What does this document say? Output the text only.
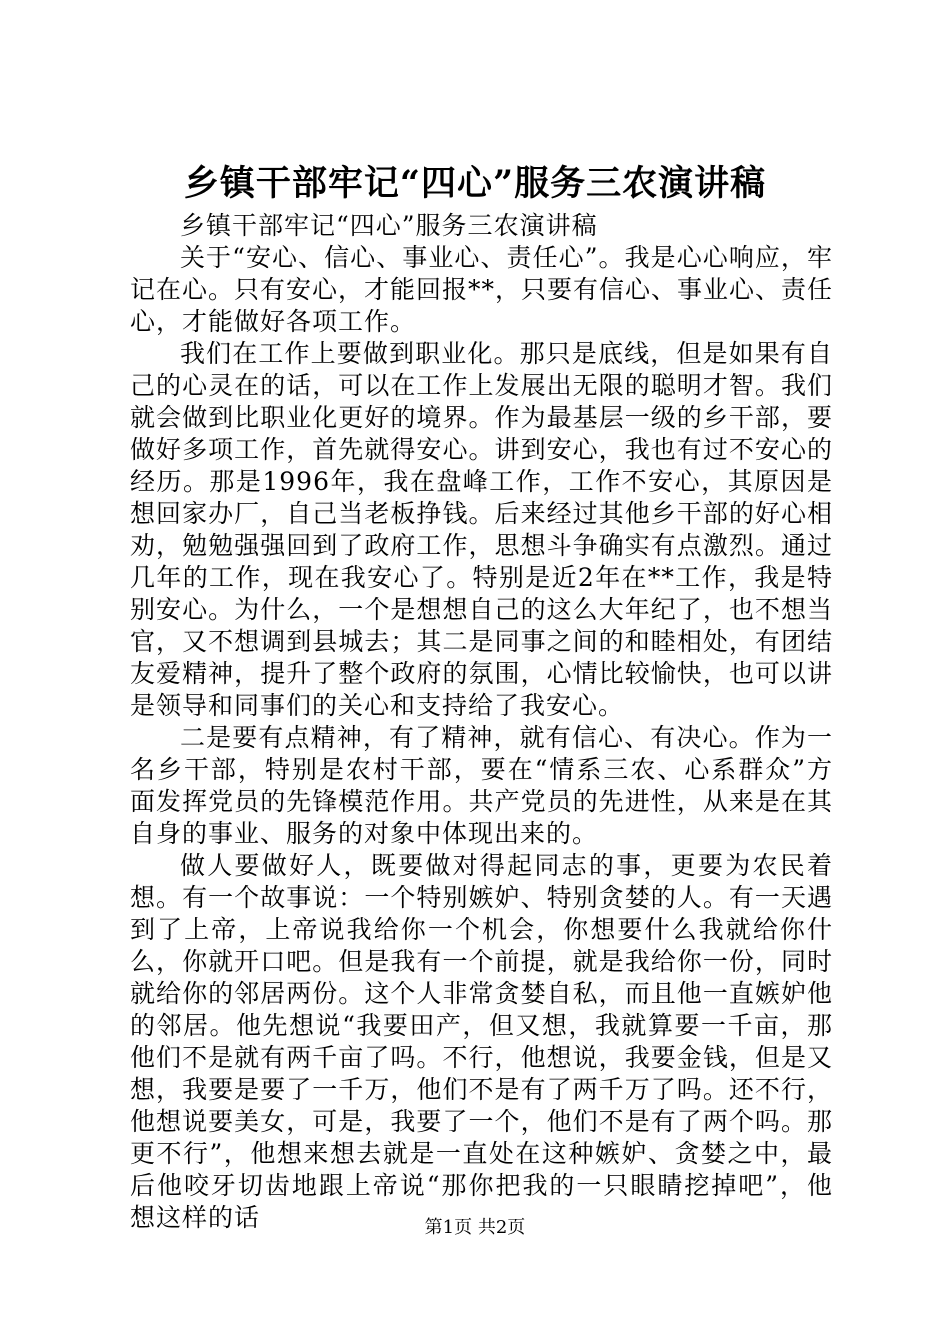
乡镇干部牢记“四心”服务三农演讲稿

乡镇干部牢记“四心”服务三农演讲稿

关于“安心、信心、事业心、责任心”。我是心心响应，牢记在心。只有安心，才能回报**，只要有信心、事业心、责任心，才能做好各项工作。

我们在工作上要做到职业化。那只是底线，但是如果有自己的心灵在的话，可以在工作上发展出无限的聪明才智。我们就会做到比职业化更好的境界。作为最基层一级的乡干部，要做好多项工作，首先就得安心。讲到安心，我也有过不安心的经历。那是1996年，我在盘峰工作，工作不安心，其原因是想回家办厂，自己当老板挣钱。后来经过其他乡干部的好心相劝，勉勉强强回到了政府工作，思想斗争确实有点激烈。通过几年的工作，现在我安心了。特别是近2年在**工作，我是特别安心。为什么，一个是想想自己的这么大年纪了，也不想当官，又不想调到县城去；其二是同事之间的和睦相处，有团结友爱精神，提升了整个政府的氛围，心情比较愉快，也可以讲是领导和同事们的关心和支持给了我安心。

二是要有点精神，有了精神，就有信心、有决心。作为一名乡干部，特别是农村干部，要在“情系三农、心系群众”方面发挥党员的先锋模范作用。共产党员的先进性，从来是在其自身的事业、服务的对象中体现出来的。

做人要做好人，既要做对得起同志的事，更要为农民着想。有一个故事说：一个特别嫉妒、特别贪婪的人。有一天遇到了上帝，上帝说我给你一个机会，你想要什么我就给你什么，你就开口吧。但是我有一个前提，就是我给你一份，同时就给你的邻居两份。这个人非常贪婪自私，而且他一直嫉妒他的邻居。他先想说“我要田产，但又想，我就算要一千亩，那他们不是就有两千亩了吗。不行，他想说，我要金钱，但是又想，我要是要了一千万，他们不是有了两千万了吗。还不行，他想说要美女，可是，我要了一个，他们不是有了两个吗。那更不行”，他想来想去就是一直处在这种嫉妒、贪婪之中，最后他咬牙切齿地跟上帝说“那你把我的一只眼睛挖掉吧”，他想这样的话	第1页 共2页
